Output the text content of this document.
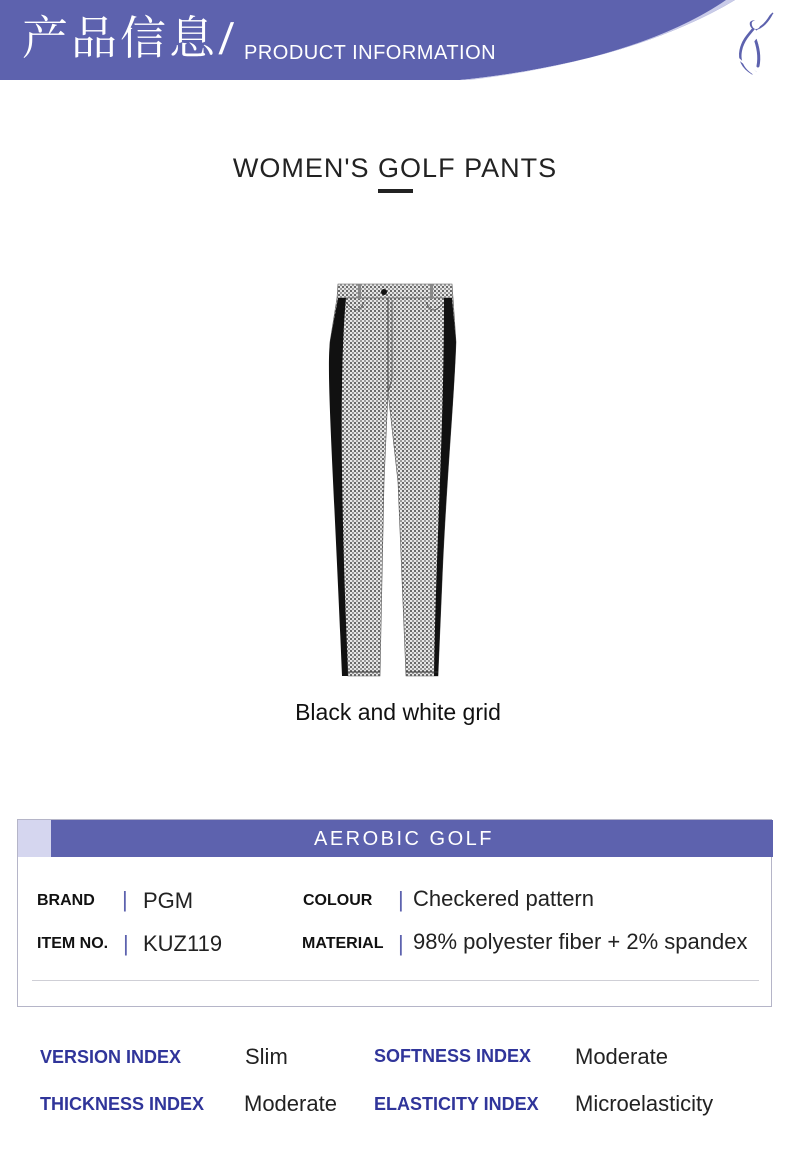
产品信息 / PRODUCT INFORMATION
WOMEN'S GOLF PANTS
Black and white grid
AEROBIC GOLF
BRAND | PGM	COLOUR | Checkered pattern
ITEM NO. | KUZ119	MATERIAL | 98% polyester fiber + 2% spandex
VERSION INDEX	Slim	SOFTNESS INDEX Moderate
THICKNESS INDEX Moderate ELASTICITY INDEX Microelasticity
